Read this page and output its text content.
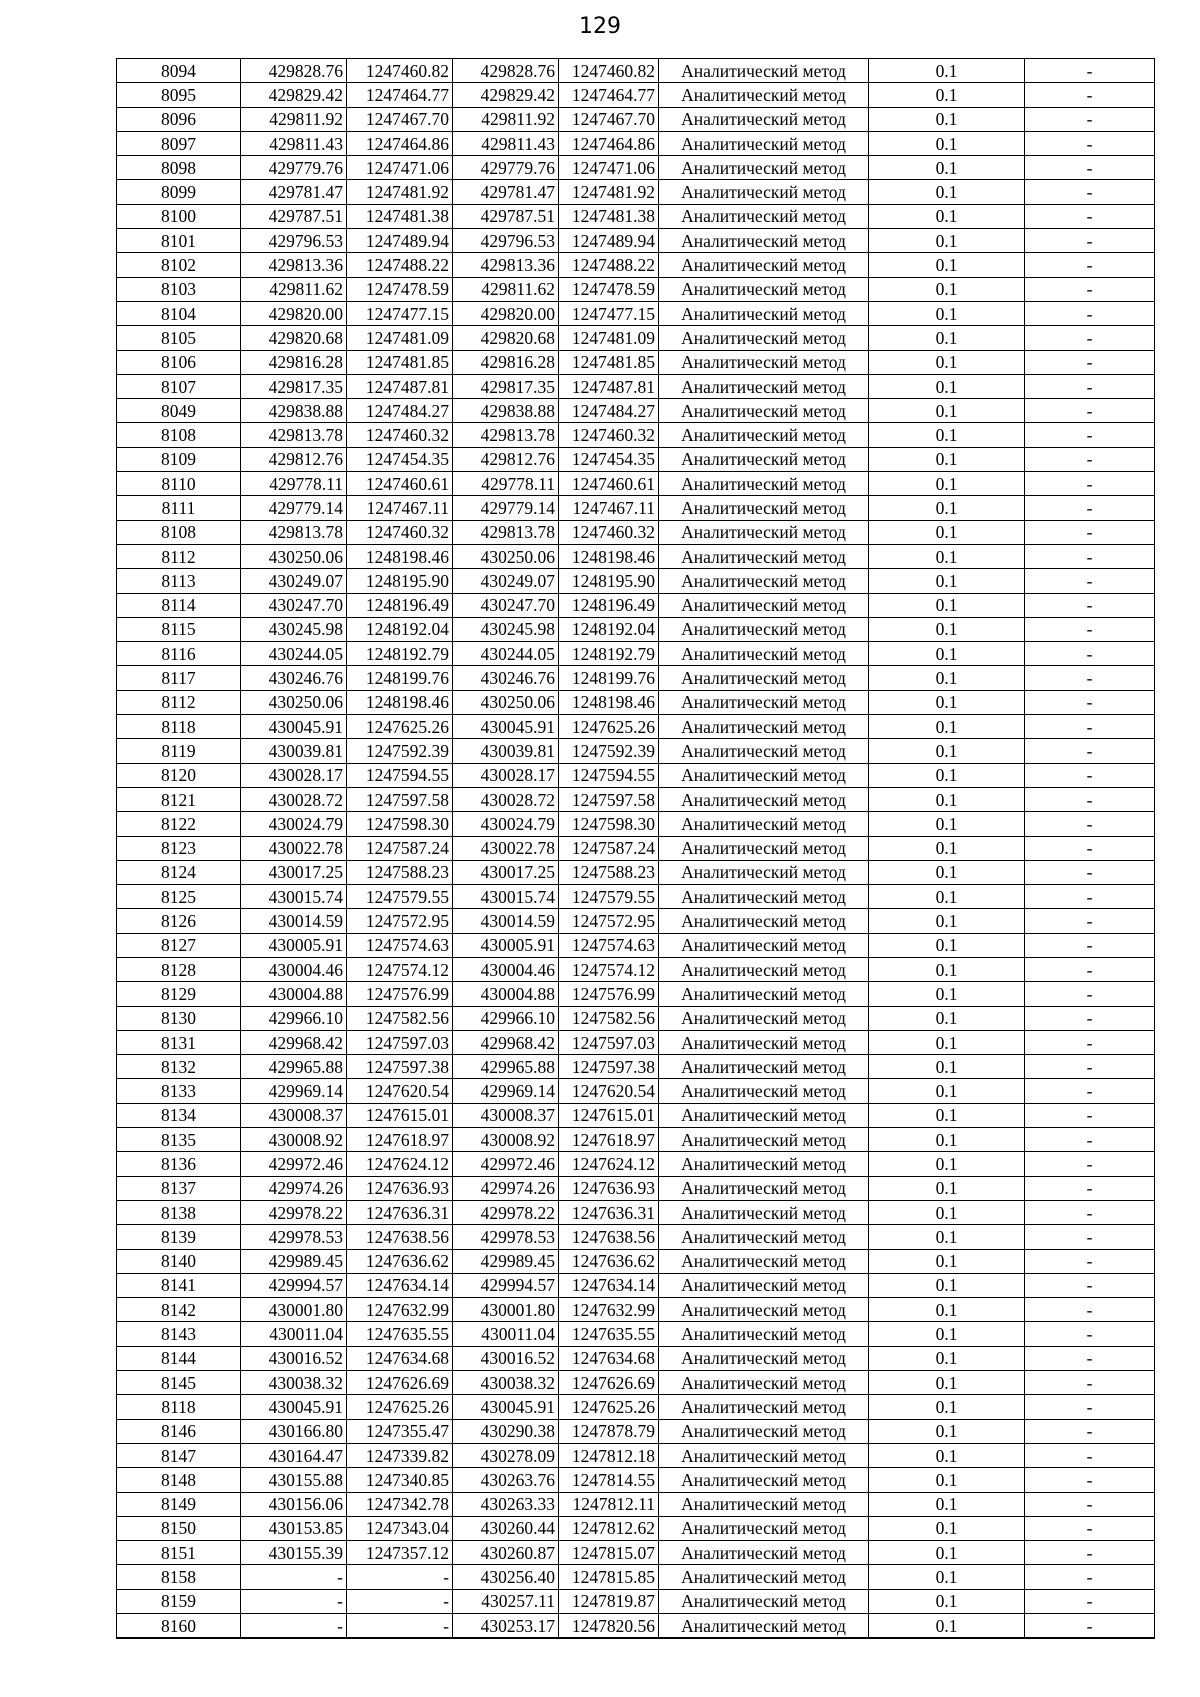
129
8094	429828.76	1247460.82	429828.76	1247460.82	Аналитический метод	0.1	-
8095	429829.42	1247464.77	429829.42	1247464.77	Аналитический метод	0.1	-
8096	429811.92	1247467.70	429811.92	1247467.70	Аналитический метод	0.1	-
8097	429811.43	1247464.86	429811.43	1247464.86	Аналитический метод	0.1	-
8098	429779.76	1247471.06	429779.76	1247471.06	Аналитический метод	0.1	-
8099	429781.47	1247481.92	429781.47	1247481.92	Аналитический метод	0.1	-
8100	429787.51	1247481.38	429787.51	1247481.38	Аналитический метод	0.1	-
8101	429796.53	1247489.94	429796.53	1247489.94	Аналитический метод	0.1	-
8102	429813.36	1247488.22	429813.36	1247488.22	Аналитический метод	0.1	-
8103	429811.62	1247478.59	429811.62	1247478.59	Аналитический метод	0.1	-
8104	429820.00	1247477.15	429820.00	1247477.15	Аналитический метод	0.1	-
8105	429820.68	1247481.09	429820.68	1247481.09	Аналитический метод	0.1	-
8106	429816.28	1247481.85	429816.28	1247481.85	Аналитический метод	0.1	-
8107	429817.35	1247487.81	429817.35	1247487.81	Аналитический метод	0.1	-
8049	429838.88	1247484.27	429838.88	1247484.27	Аналитический метод	0.1	-
8108	429813.78	1247460.32	429813.78	1247460.32	Аналитический метод	0.1	-
8109	429812.76	1247454.35	429812.76	1247454.35	Аналитический метод	0.1	-
8110	429778.11	1247460.61	429778.11	1247460.61	Аналитический метод	0.1	-
8111	429779.14	1247467.11	429779.14	1247467.11	Аналитический метод	0.1	-
8108	429813.78	1247460.32	429813.78	1247460.32	Аналитический метод	0.1	-
8112	430250.06	1248198.46	430250.06	1248198.46	Аналитический метод	0.1	-
8113	430249.07	1248195.90	430249.07	1248195.90	Аналитический метод	0.1	-
8114	430247.70	1248196.49	430247.70	1248196.49	Аналитический метод	0.1	-
8115	430245.98	1248192.04	430245.98	1248192.04	Аналитический метод	0.1	-
8116	430244.05	1248192.79	430244.05	1248192.79	Аналитический метод	0.1	-
8117	430246.76	1248199.76	430246.76	1248199.76	Аналитический метод	0.1	-
8112	430250.06	1248198.46	430250.06	1248198.46	Аналитический метод	0.1	-
8118	430045.91	1247625.26	430045.91	1247625.26	Аналитический метод	0.1	-
8119	430039.81	1247592.39	430039.81	1247592.39	Аналитический метод	0.1	-
8120	430028.17	1247594.55	430028.17	1247594.55	Аналитический метод	0.1	-
8121	430028.72	1247597.58	430028.72	1247597.58	Аналитический метод	0.1	-
8122	430024.79	1247598.30	430024.79	1247598.30	Аналитический метод	0.1	-
8123	430022.78	1247587.24	430022.78	1247587.24	Аналитический метод	0.1	-
8124	430017.25	1247588.23	430017.25	1247588.23	Аналитический метод	0.1	-
8125	430015.74	1247579.55	430015.74	1247579.55	Аналитический метод	0.1	-
8126	430014.59	1247572.95	430014.59	1247572.95	Аналитический метод	0.1	-
8127	430005.91	1247574.63	430005.91	1247574.63	Аналитический метод	0.1	-
8128	430004.46	1247574.12	430004.46	1247574.12	Аналитический метод	0.1	-
8129	430004.88	1247576.99	430004.88	1247576.99	Аналитический метод	0.1	-
8130	429966.10	1247582.56	429966.10	1247582.56	Аналитический метод	0.1	-
8131	429968.42	1247597.03	429968.42	1247597.03	Аналитический метод	0.1	-
8132	429965.88	1247597.38	429965.88	1247597.38	Аналитический метод	0.1	-
8133	429969.14	1247620.54	429969.14	1247620.54	Аналитический метод	0.1	-
8134	430008.37	1247615.01	430008.37	1247615.01	Аналитический метод	0.1	-
8135	430008.92	1247618.97	430008.92	1247618.97	Аналитический метод	0.1	-
8136	429972.46	1247624.12	429972.46	1247624.12	Аналитический метод	0.1	-
8137	429974.26	1247636.93	429974.26	1247636.93	Аналитический метод	0.1	-
8138	429978.22	1247636.31	429978.22	1247636.31	Аналитический метод	0.1	-
8139	429978.53	1247638.56	429978.53	1247638.56	Аналитический метод	0.1	-
8140	429989.45	1247636.62	429989.45	1247636.62	Аналитический метод	0.1	-
8141	429994.57	1247634.14	429994.57	1247634.14	Аналитический метод	0.1	-
8142	430001.80	1247632.99	430001.80	1247632.99	Аналитический метод	0.1	-
8143	430011.04	1247635.55	430011.04	1247635.55	Аналитический метод	0.1	-
8144	430016.52	1247634.68	430016.52	1247634.68	Аналитический метод	0.1	-
8145	430038.32	1247626.69	430038.32	1247626.69	Аналитический метод	0.1	-
8118	430045.91	1247625.26	430045.91	1247625.26	Аналитический метод	0.1	-
8146	430166.80	1247355.47	430290.38	1247878.79	Аналитический метод	0.1	-
8147	430164.47	1247339.82	430278.09	1247812.18	Аналитический метод	0.1	-
8148	430155.88	1247340.85	430263.76	1247814.55	Аналитический метод	0.1	-
8149	430156.06	1247342.78	430263.33	1247812.11	Аналитический метод	0.1	-
8150	430153.85	1247343.04	430260.44	1247812.62	Аналитический метод	0.1	-
8151	430155.39	1247357.12	430260.87	1247815.07	Аналитический метод	0.1	-
8158	-	-	430256.40	1247815.85	Аналитический метод	0.1	-
8159	-	-	430257.11	1247819.87	Аналитический метод	0.1	-
8160	-	-	430253.17	1247820.56	Аналитический метод	0.1	-
